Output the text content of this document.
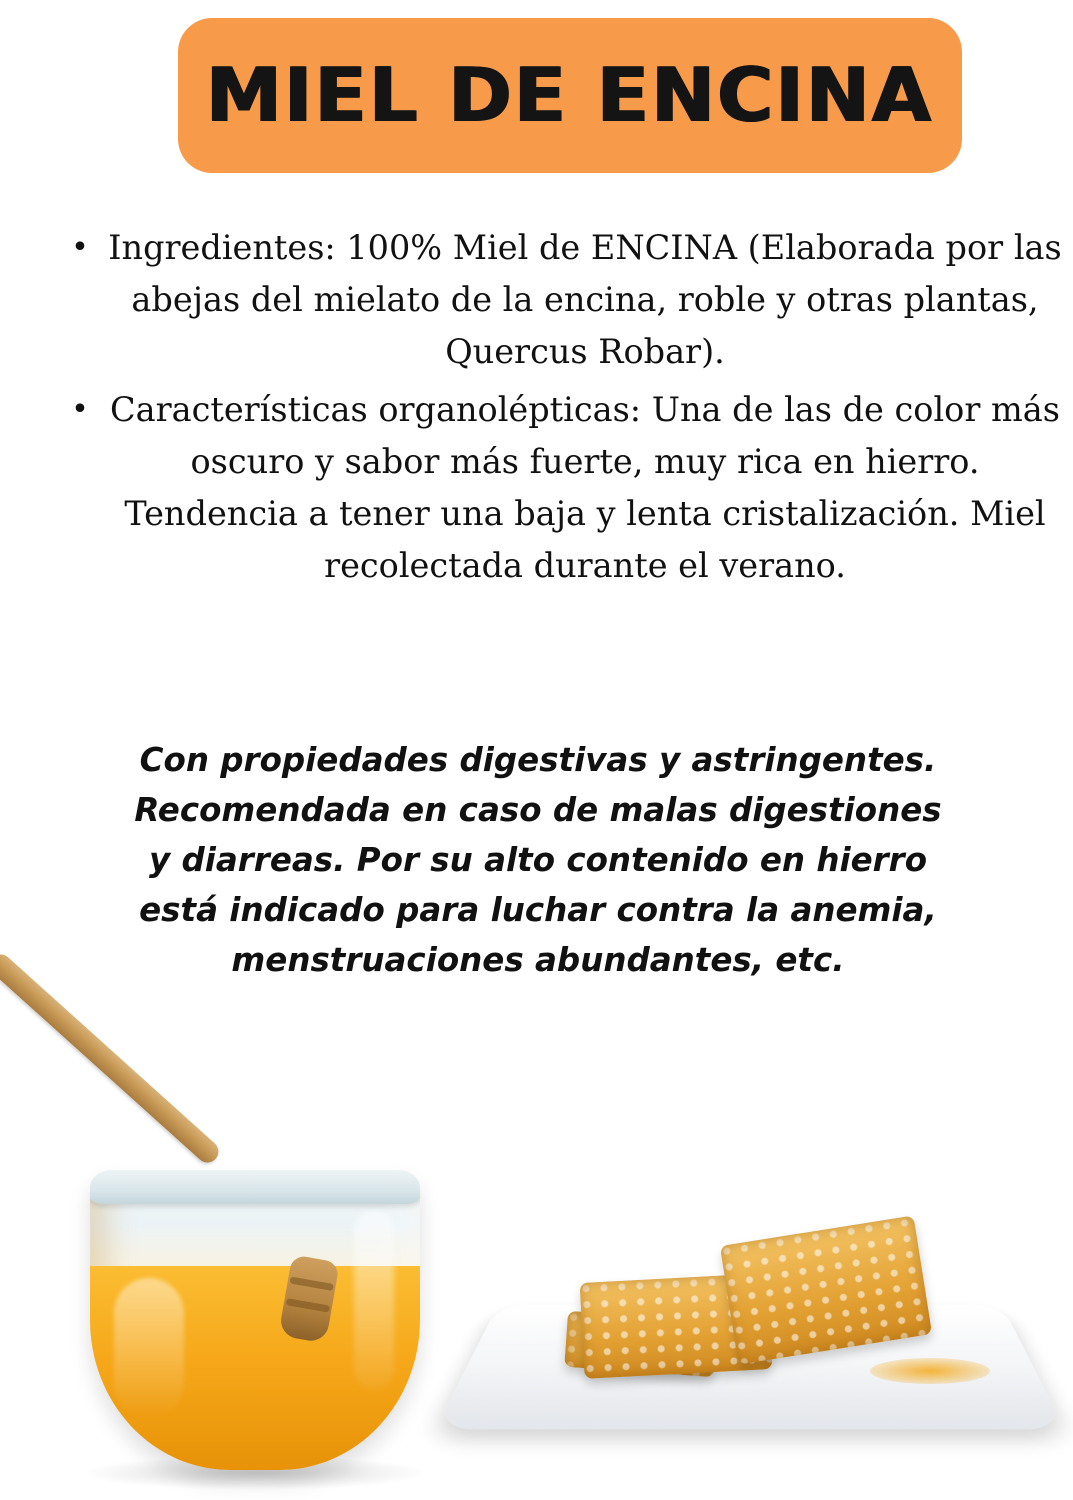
MIEL DE ENCINA
• Ingredientes: 100% Miel de ENCINA (Elaborada por las abejas del mielato de la encina, roble y otras plantas, Quercus Robar).
• Características organolépticas: Una de las de color más oscuro y sabor más fuerte, muy rica en hierro. Tendencia a tener una baja y lenta cristalización. Miel recolectada durante el verano.
Con propiedades digestivas y astringentes. Recomendada en caso de malas digestiones y diarreas. Por su alto contenido en hierro está indicado para luchar contra la anemia, menstruaciones abundantes, etc.
